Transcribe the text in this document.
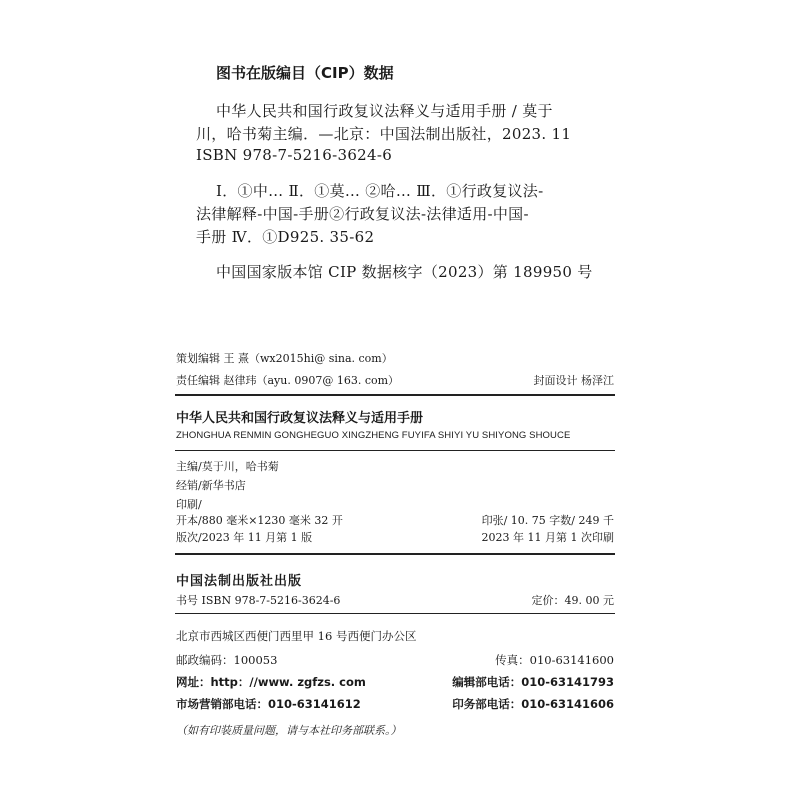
图书在版编目（CIP）数据
中华人民共和国行政复议法释义与适用手册 / 莫于
川，哈书菊主编．—北京：中国法制出版社，2023. 11
ISBN 978-7-5216-3624-6
Ⅰ．①中… Ⅱ．①莫… ②哈… Ⅲ．①行政复议法-
法律解释-中国-手册②行政复议法-法律适用-中国-
手册 Ⅳ．①D925. 35-62
中国国家版本馆 CIP 数据核字（2023）第 189950 号
策划编辑 王 熹（wx2015hi@ sina. com）
责任编辑 赵律玮（ayu. 0907@ 163. com）	封面设计 杨泽江
中华人民共和国行政复议法释义与适用手册
ZHONGHUA RENMIN GONGHEGUO XINGZHENG FUYIFA SHIYI YU SHIYONG SHOUCE
主编/莫于川，哈书菊
经销/新华书店
印刷/
开本/880 毫米×1230 毫米 32 开	印张/ 10. 75 字数/ 249 千
版次/2023 年 11 月第 1 版	2023 年 11 月第 1 次印刷
中国法制出版社出版
书号 ISBN 978-7-5216-3624-6	定价：49. 00 元
北京市西城区西便门西里甲 16 号西便门办公区
邮政编码：100053	传真：010-63141600
网址：http：//www. zgfzs. com	编辑部电话：010-63141793
市场营销部电话：010-63141612	印务部电话：010-63141606
（如有印装质量问题，请与本社印务部联系。）
